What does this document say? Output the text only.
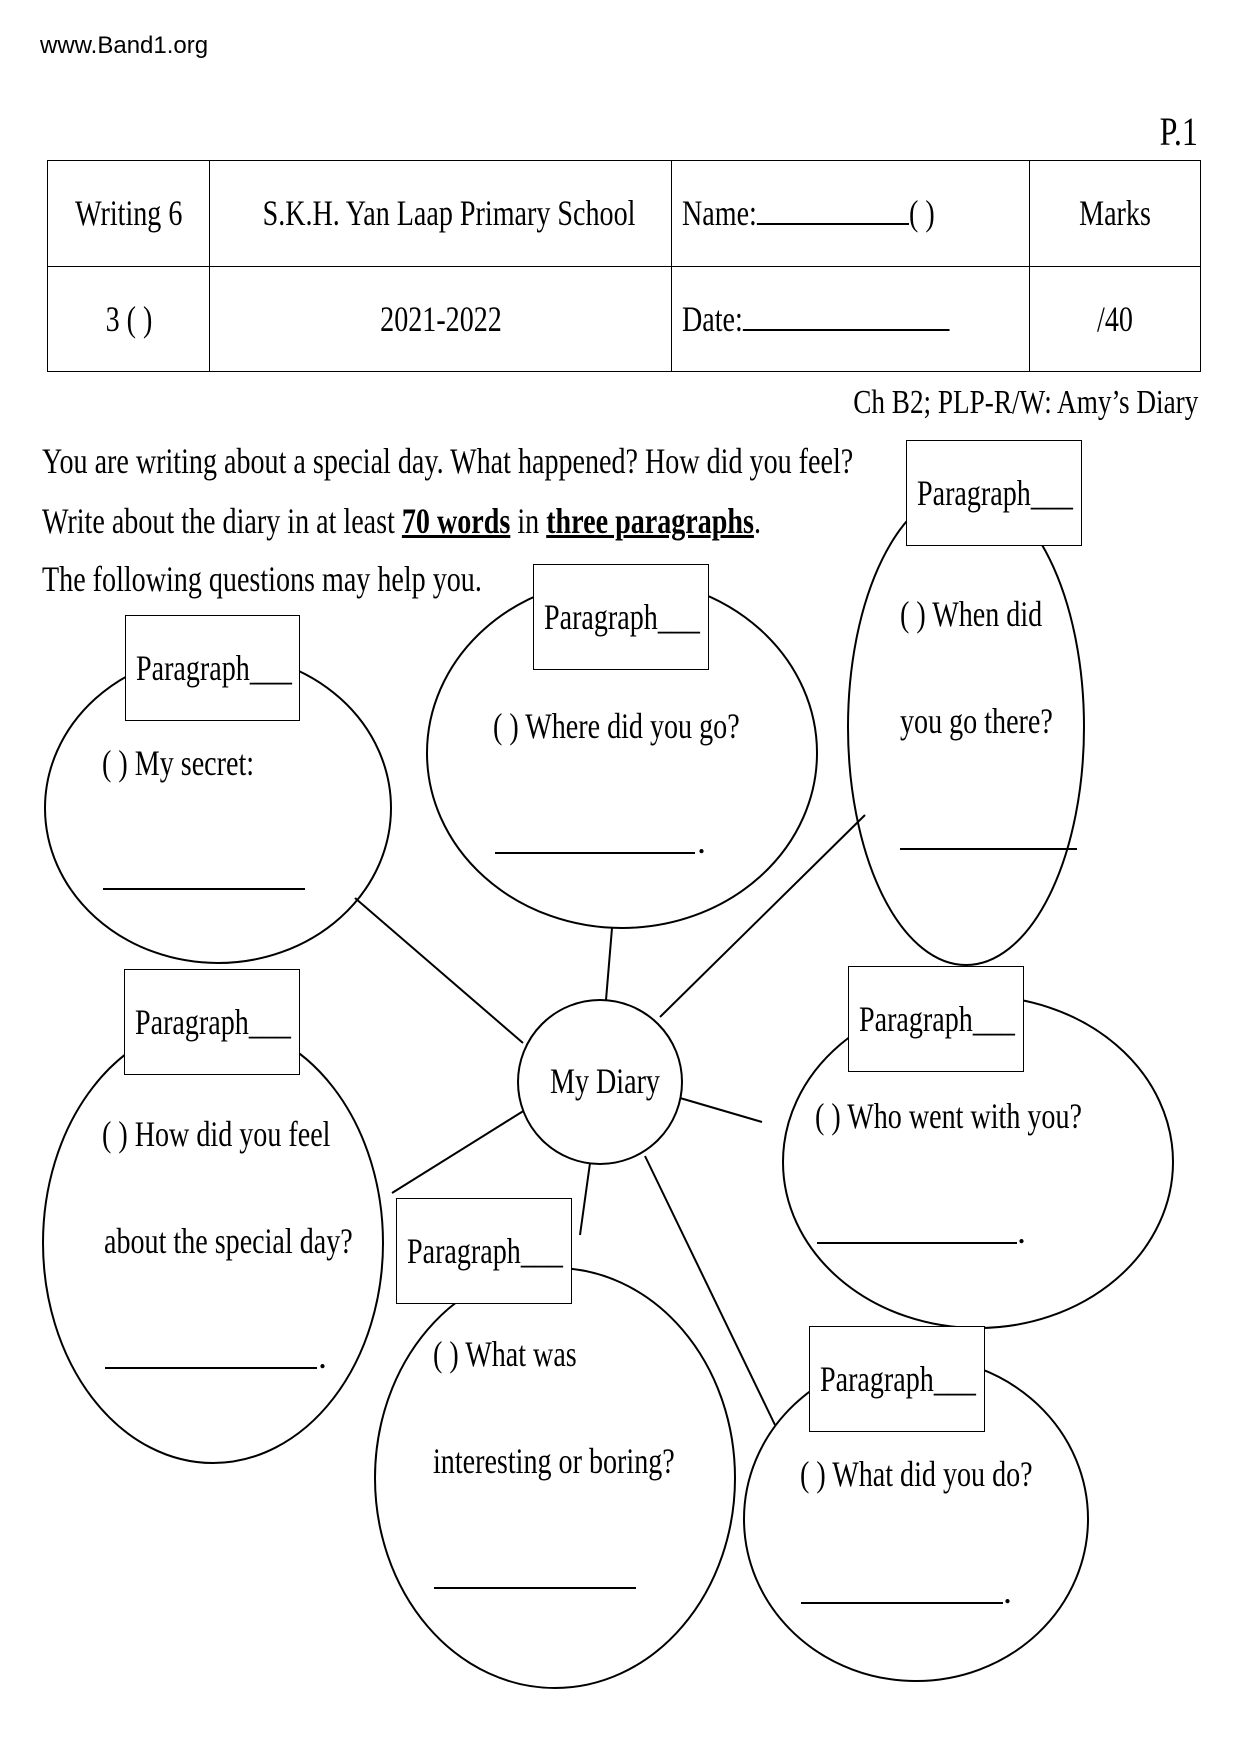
www.Band1.org
P.1
Writing 6	S.K.H. Yan Laap Primary School	Name: ( )	Marks
3 ( )	2021-2022	Date:	/40
Ch B2; PLP-R/W: Amy’s Diary
You are writing about a special day. What happened? How did you feel?
Write about the diary in at least 70 words in three paragraphs.
The following questions may help you.
My Diary
Paragraph___
( ) My secret:
Paragraph___
( ) Where did you go?
.
Paragraph___
( ) When did
you go there?
Paragraph___
( ) How did you feel
about the special day?
.
Paragraph___
( ) Who went with you?
.
Paragraph___
( ) What was
interesting or boring?
Paragraph___
( ) What did you do?
.
